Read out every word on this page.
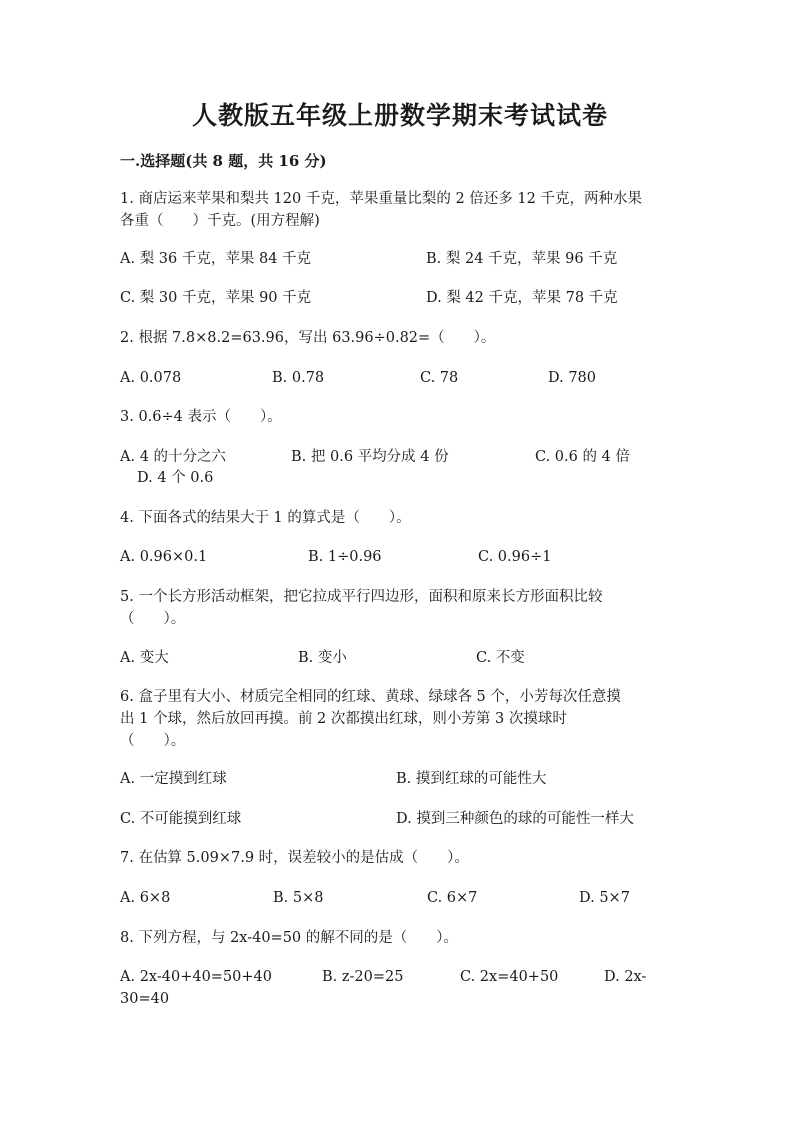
人教版五年级上册数学期末考试试卷
一.选择题(共 8 题，共 16 分)
1. 商店运来苹果和梨共 120 千克，苹果重量比梨的 2 倍还多 12 千克，两种水果
各重（　　）千克。(用方程解)
A. 梨 36 千克，苹果 84 千克	B. 梨 24 千克，苹果 96 千克
C. 梨 30 千克，苹果 90 千克	D. 梨 42 千克，苹果 78 千克
2. 根据 7.8×8.2=63.96，写出 63.96÷0.82=（　　）。
A. 0.078	B. 0.78	C. 78	D. 780
3. 0.6÷4 表示（　　）。
A. 4 的十分之六	B. 把 0.6 平均分成 4 份	C. 0.6 的 4 倍
D. 4 个 0.6
4. 下面各式的结果大于 1 的算式是（　　）。
A. 0.96×0.1	B. 1÷0.96	C. 0.96÷1
5. 一个长方形活动框架，把它拉成平行四边形，面积和原来长方形面积比较
（　　）。
A. 变大	B. 变小	C. 不变
6. 盒子里有大小、材质完全相同的红球、黄球、绿球各 5 个，小芳每次任意摸
出 1 个球，然后放回再摸。前 2 次都摸出红球，则小芳第 3 次摸球时
（　　）。
A. 一定摸到红球	B. 摸到红球的可能性大
C. 不可能摸到红球	D. 摸到三种颜色的球的可能性一样大
7. 在估算 5.09×7.9 时，误差较小的是估成（　　）。
A. 6×8	B. 5×8	C. 6×7	D. 5×7
8. 下列方程，与 2x-40=50 的解不同的是（　　）。
A. 2x-40+40=50+40	B. z-20=25	C. 2x=40+50	D. 2x-
30=40
